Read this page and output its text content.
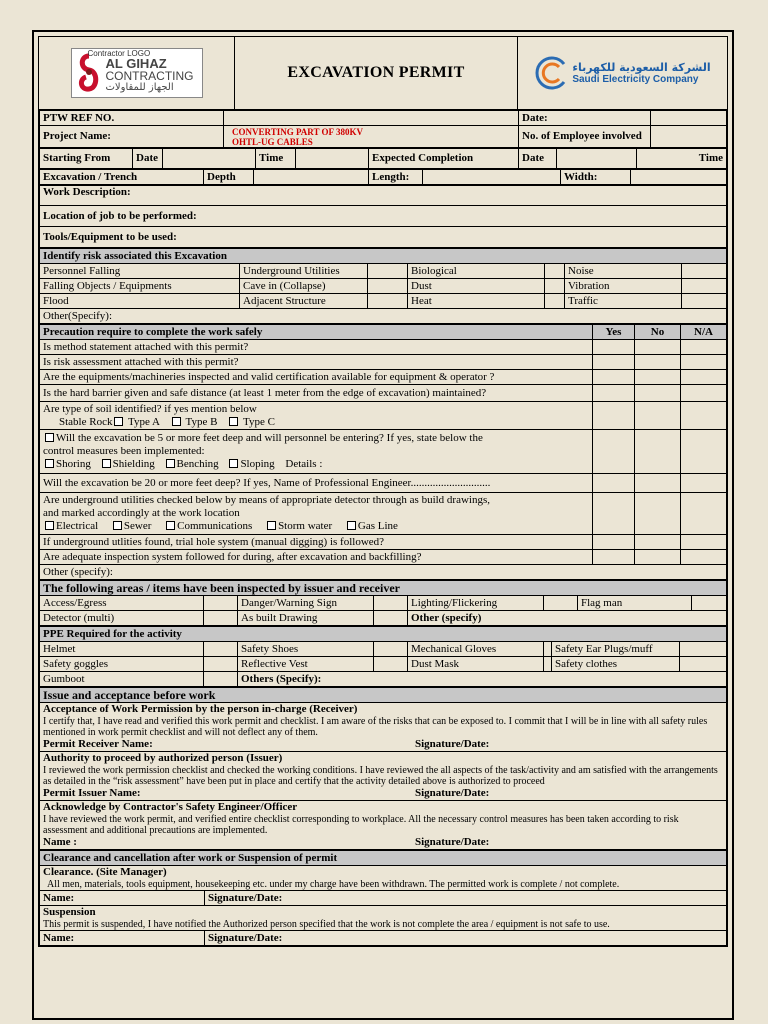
Contractor LOGO
AL GIHAZ
CONTRACTING
الجهاز للمقاولات
EXCAVATION PERMIT	الشركة السعودية للكهرباء
Saudi Electricity Company
PTW REF NO.		Date:	
Project Name:	CONVERTING PART OF 380KV
OHTL-UG CABLES	No. of Employee involved	
Starting From	Date		Time		Expected Completion	Date		Time
Excavation / Trench	Depth		Length:		Width:	
Work Description:
Location of job to be performed:
Tools/Equipment to be used:
Identify risk associated this Excavation						
Personnel Falling	Underground Utilities		Biological		Noise	
Falling Objects / Equipments	Cave in (Collapse)		Dust		Vibration	
Flood	Adjacent Structure		Heat		Traffic	
Other(Specify):						
Precaution require to complete the work safely	Yes	No	N/A
Is method statement attached with this permit?			
Is risk assessment attached with this permit?			
Are the equipments/machineries inspected and valid certification available for equipment & operator ?			
Is the hard barrier given and safe distance (at least 1 meter from the edge of excavation) maintained?			

Are type of soil identified? if yes mention below
Stable Rock Type A Type B Type C			

Will the excavation be 5 or more feet deep and will personnel be entering? If yes, state below the
control measures been implemented:
Shoring Shielding Benching Sloping Details :			

Will the excavation be 20 or more feet deep? If yes, Name of Professional Engineer.............................			

Are underground utilities checked below by means of appropriate detector through as build drawings,
and marked accordingly at the work location
Electrical Sewer Communications Storm water Gas Line			

If underground utlities found, trial hole system (manual digging) is followed?			
Are adequate inspection system followed for during, after excavation and backfilling?			
Other (specify):			
The following areas / items have been inspected by issuer and receiver							
Access/Egress		Danger/Warning Sign		Lighting/Flickering		Flag man	
Detector (multi)		As built Drawing		Other (specify)			
PPE Required for the activity							
Helmet		Safety Shoes		Mechanical Gloves		Safety Ear Plugs/muff	
Safety goggles		Reflective Vest		Dust Mask		Safety clothes	
Gumboot		Others (Specify):					
Issue and acceptance before work

Acceptance of Work Permission by the person in-charge (Receiver)
I certify that, I have read and verified this work permit and checklist. I am aware of the risks that can be exposed to. I commit that I will be in line with all safety rules mentioned in work permit checklist and will not deflect any of them.
Permit Receiver Name:	Signature/Date:

Authority to proceed by authorized person (Issuer)
I reviewed the work permission checklist and checked the working conditions. I have reviewed the all aspects of the task/activity and am satisfied with the arrangements as detailed in the “risk assessment” have been put in place and certify that the activity detailed above is authorized to proceed
Permit Issuer Name:	Signature/Date:

Acknowledge by Contractor's Safety Engineer/Officer
I have reviewed the work permit, and verified entire checklist corresponding to workplace. All the necessary control measures has been taken according to risk assessment and additional precautions are implemented.
Name :	Signature/Date:
Clearance and cancellation after work or Suspension of permit	

Clearance. (Site Manager)
All men, materials, tools equipment, housekeeping etc. under my charge have been withdrawn. The permitted work is complete / not complete.	

Name:	Signature/Date:

Suspension
This permit is suspended, I have notified the Authorized person specified that the work is not complete the area / equipment is not safe to use.	

Name:	Signature/Date:
